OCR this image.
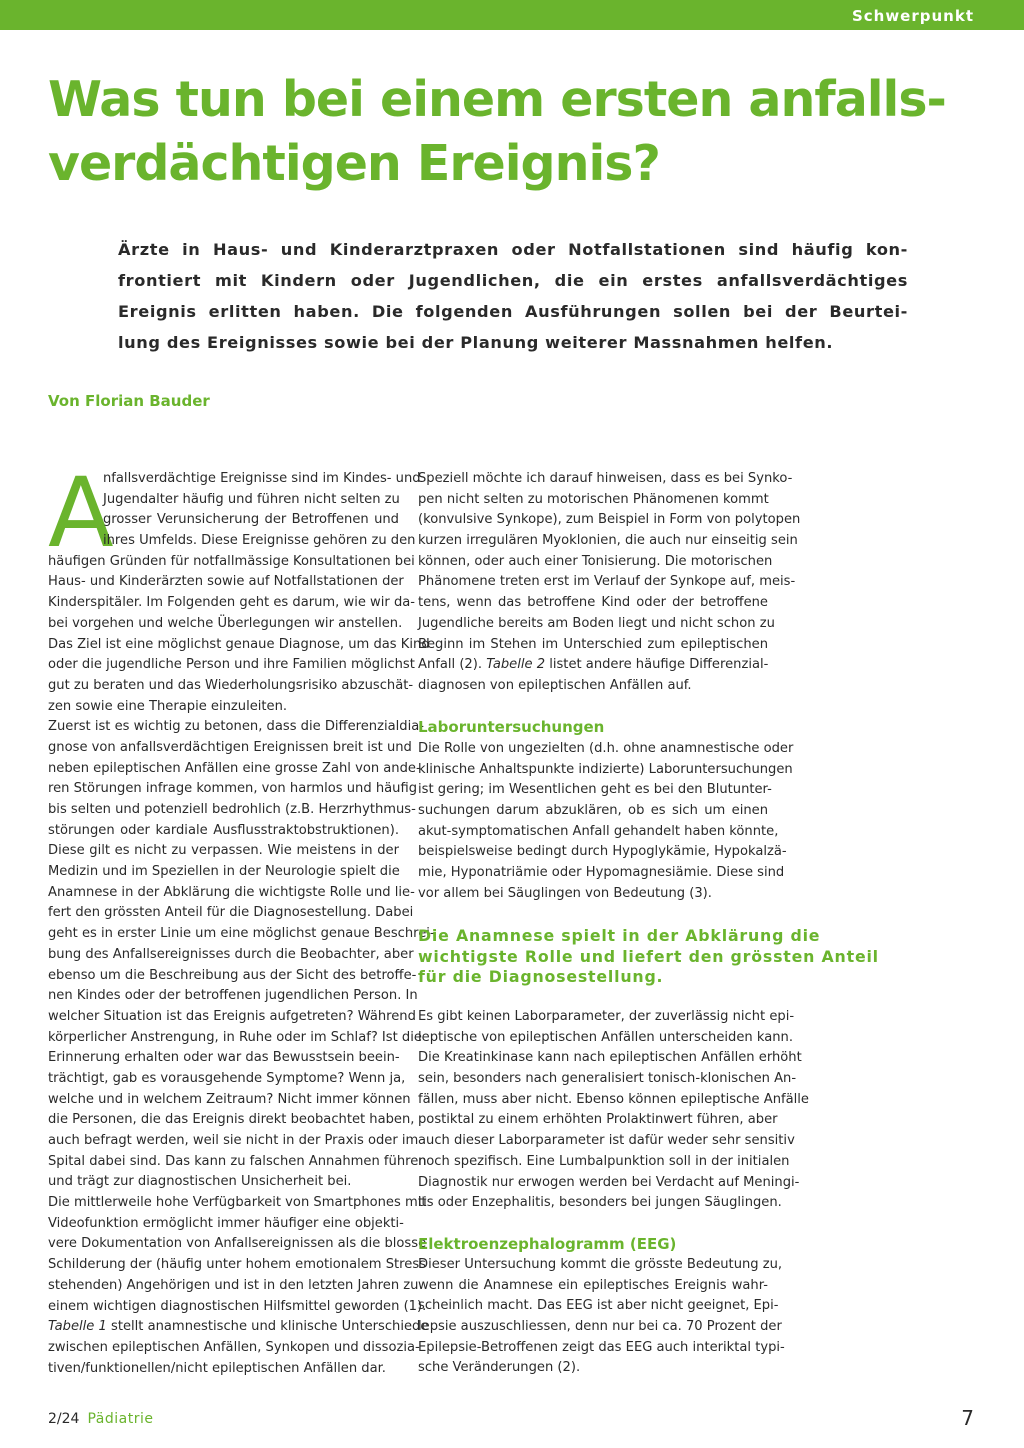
Schwerpunkt
Was tun bei einem ersten anfalls-
verdächtigen Ereignis?
Ärzte in Haus- und Kinderarztpraxen oder Notfallstationen sind häufig kon-
frontiert mit Kindern oder Jugendlichen, die ein erstes anfallsverdächtiges
Ereignis erlitten haben. Die folgenden Ausführungen sollen bei der Beurtei-
lung des Ereignisses sowie bei der Planung weiterer Massnahmen helfen.
Von Florian Bauder
A
nfallsverdächtige Ereignisse sind im Kindes- und
Jugendalter häufig und führen nicht selten zu
grosser Verunsicherung der Betroffenen und
ihres Umfelds. Diese Ereignisse gehören zu den
häufigen Gründen für notfallmässige Konsultationen bei
Haus- und Kinderärzten sowie auf Notfallstationen der
Kinderspitäler. Im Folgenden geht es darum, wie wir da-
bei vorgehen und welche Überlegungen wir anstellen.
Das Ziel ist eine möglichst genaue Diagnose, um das Kind
oder die jugendliche Person und ihre Familien möglichst
gut zu beraten und das Wiederholungsrisiko abzuschät-
zen sowie eine Therapie einzuleiten.
Zuerst ist es wichtig zu betonen, dass die Differenzialdia-
gnose von anfallsverdächtigen Ereignissen breit ist und
neben epileptischen Anfällen eine grosse Zahl von ande-
ren Störungen infrage kommen, von harmlos und häufig
bis selten und potenziell bedrohlich (z.B. Herzrhythmus-
störungen oder kardiale Ausflusstraktobstruktionen).
Diese gilt es nicht zu verpassen. Wie meistens in der
Medizin und im Speziellen in der Neurologie spielt die
Anamnese in der Abklärung die wichtigste Rolle und lie-
fert den grössten Anteil für die Diagnosestellung. Dabei
geht es in erster Linie um eine möglichst genaue Beschrei-
bung des Anfallsereignisses durch die Beobachter, aber
ebenso um die Beschreibung aus der Sicht des betroffe-
nen Kindes oder der betroffenen jugendlichen Person. In
welcher Situation ist das Ereignis aufgetreten? Während
körperlicher Anstrengung, in Ruhe oder im Schlaf? Ist die
Erinnerung erhalten oder war das Bewusstsein beein-
trächtigt, gab es vorausgehende Symptome? Wenn ja,
welche und in welchem Zeitraum? Nicht immer können
die Personen, die das Ereignis direkt beobachtet haben,
auch befragt werden, weil sie nicht in der Praxis oder im
Spital dabei sind. Das kann zu falschen Annahmen führen
und trägt zur diagnostischen Unsicherheit bei.
Die mittlerweile hohe Verfügbarkeit von Smartphones mit
Videofunktion ermöglicht immer häufiger eine objekti-
vere Dokumentation von Anfallsereignissen als die blosse
Schilderung der (häufig unter hohem emotionalem Stress
stehenden) Angehörigen und ist in den letzten Jahren zu
einem wichtigen diagnostischen Hilfsmittel geworden (1).
Tabelle 1 stellt anamnestische und klinische Unterschiede
zwischen epileptischen Anfällen, Synkopen und dissozia-
tiven/funktionellen/nicht epileptischen Anfällen dar.
Speziell möchte ich darauf hinweisen, dass es bei Synko-
pen nicht selten zu motorischen Phänomenen kommt
(konvulsive Synkope), zum Beispiel in Form von polytopen
kurzen irregulären Myoklonien, die auch nur einseitig sein
können, oder auch einer Tonisierung. Die motorischen
Phänomene treten erst im Verlauf der Synkope auf, meis-
tens, wenn das betroffene Kind oder der betroffene
Jugendliche bereits am Boden liegt und nicht schon zu
Beginn im Stehen im Unterschied zum epileptischen
Anfall (2). Tabelle 2 listet andere häufige Differenzial-
diagnosen von epileptischen Anfällen auf.
Laboruntersuchungen
Die Rolle von ungezielten (d.h. ohne anamnestische oder
klinische Anhaltspunkte indizierte) Laboruntersuchungen
ist gering; im Wesentlichen geht es bei den Blutunter-
suchungen darum abzuklären, ob es sich um einen
akut-symptomatischen Anfall gehandelt haben könnte,
beispielsweise bedingt durch Hypoglykämie, Hypokalzä-
mie, Hyponatriämie oder Hypomagnesiämie. Diese sind
vor allem bei Säuglingen von Bedeutung (3).
Die Anamnese spielt in der Abklärung die
wichtigste Rolle und liefert den grössten Anteil
für die Diagnosestellung.
Es gibt keinen Laborparameter, der zuverlässig nicht epi-
leptische von epileptischen Anfällen unterscheiden kann.
Die Kreatinkinase kann nach epileptischen Anfällen erhöht
sein, besonders nach generalisiert tonisch-klonischen An-
fällen, muss aber nicht. Ebenso können epileptische Anfälle
postiktal zu einem erhöhten Prolaktinwert führen, aber
auch dieser Laborparameter ist dafür weder sehr sensitiv
noch spezifisch. Eine Lumbalpunktion soll in der initialen
Diagnostik nur erwogen werden bei Verdacht auf Meningi-
tis oder Enzephalitis, besonders bei jungen Säuglingen.
Elektroenzephalogramm (EEG)
Dieser Untersuchung kommt die grösste Bedeutung zu,
wenn die Anamnese ein epileptisches Ereignis wahr-
scheinlich macht. Das EEG ist aber nicht geeignet, Epi-
lepsie auszuschliessen, denn nur bei ca. 70 Prozent der
Epilepsie-Betroffenen zeigt das EEG auch interiktal typi-
sche Veränderungen (2).
2/24 Pädiatrie	7
